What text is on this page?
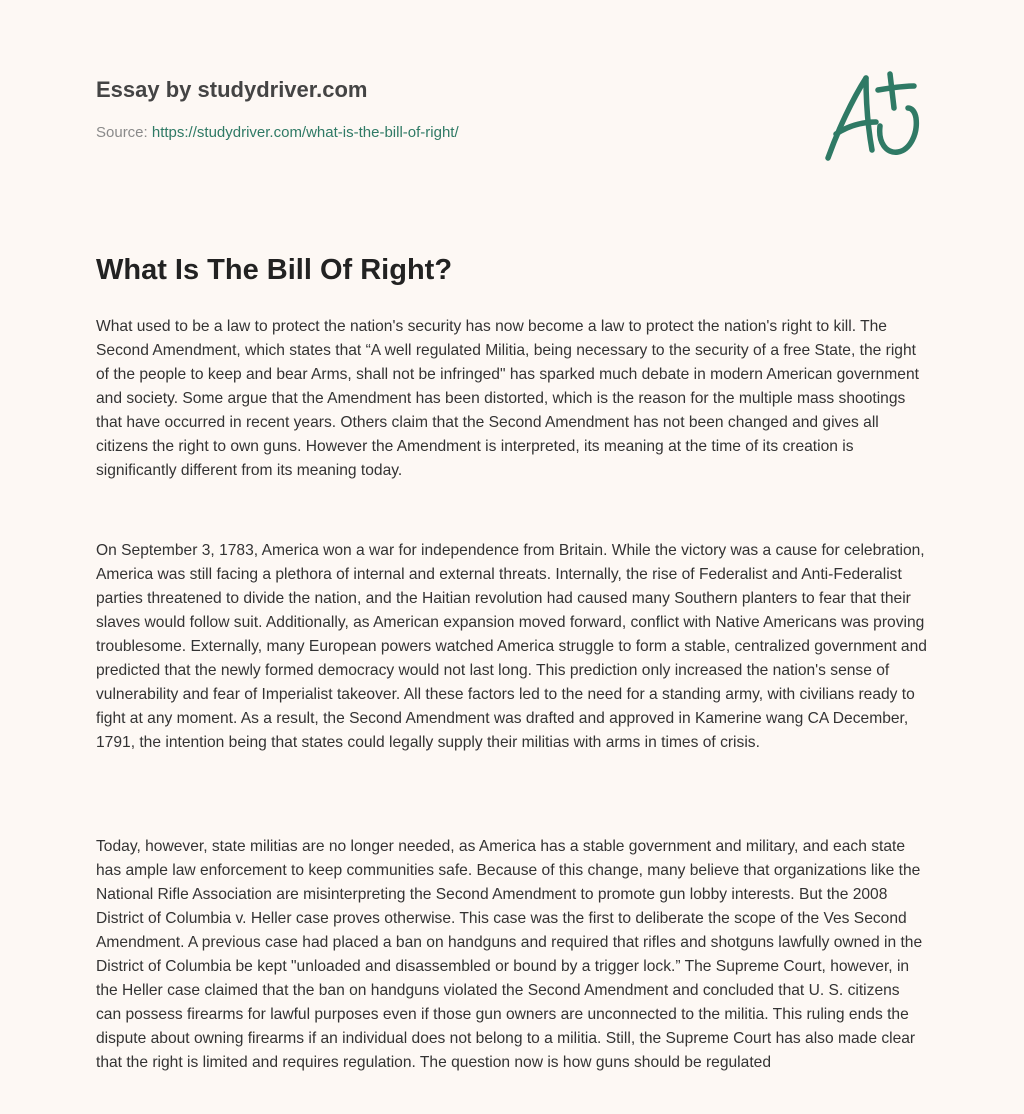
Essay by studydriver.com
Source: https://studydriver.com/what-is-the-bill-of-right/
What Is The Bill Of Right?

What used to be a law to protect the nation's security has now become a law to protect the nation's right to kill. The Second Amendment, which states that “A well regulated Militia, being necessary to the security of a free State, the right of the people to keep and bear Arms, shall not be infringed" has sparked much debate in modern American government and society. Some argue that the Amendment has been distorted, which is the reason for the multiple mass shootings that have occurred in recent years. Others claim that the Second Amendment has not been changed and gives all citizens the right to own guns. However the Amendment is interpreted, its meaning at the time of its creation is significantly different from its meaning today.

On September 3, 1783, America won a war for independence from Britain. While the victory was a cause for celebration, America was still facing a plethora of internal and external threats. Internally, the rise of Federalist and Anti-Federalist parties threatened to divide the nation, and the Haitian revolution had caused many Southern planters to fear that their slaves would follow suit. Additionally, as American expansion moved forward, conflict with Native Americans was proving troublesome. Externally, many European powers watched America struggle to form a stable, centralized government and predicted that the newly formed democracy would not last long. This prediction only increased the nation's sense of vulnerability and fear of Imperialist takeover. All these factors led to the need for a standing army, with civilians ready to fight at any moment. As a result, the Second Amendment was drafted and approved in Kamerine wang CA December, 1791, the intention being that states could legally supply their militias with arms in times of crisis.

Today, however, state militias are no longer needed, as America has a stable government and military, and each state has ample law enforcement to keep communities safe. Because of this change, many believe that organizations like the National Rifle Association are misinterpreting the Second Amendment to promote gun lobby interests. But the 2008 District of Columbia v. Heller case proves otherwise. This case was the first to deliberate the scope of the Ves Second Amendment. A previous case had placed a ban on handguns and required that rifles and shotguns lawfully owned in the District of Columbia be kept "unloaded and disassembled or bound by a trigger lock.” The Supreme Court, however, in the Heller case claimed that the ban on handguns violated the Second Amendment and concluded that U. S. citizens can possess firearms for lawful purposes even if those gun owners are unconnected to the militia. This ruling ends the dispute about owning firearms if an individual does not belong to a militia. Still, the Supreme Court has also made clear that the right is limited and requires regulation. The question now is how guns should be regulated
